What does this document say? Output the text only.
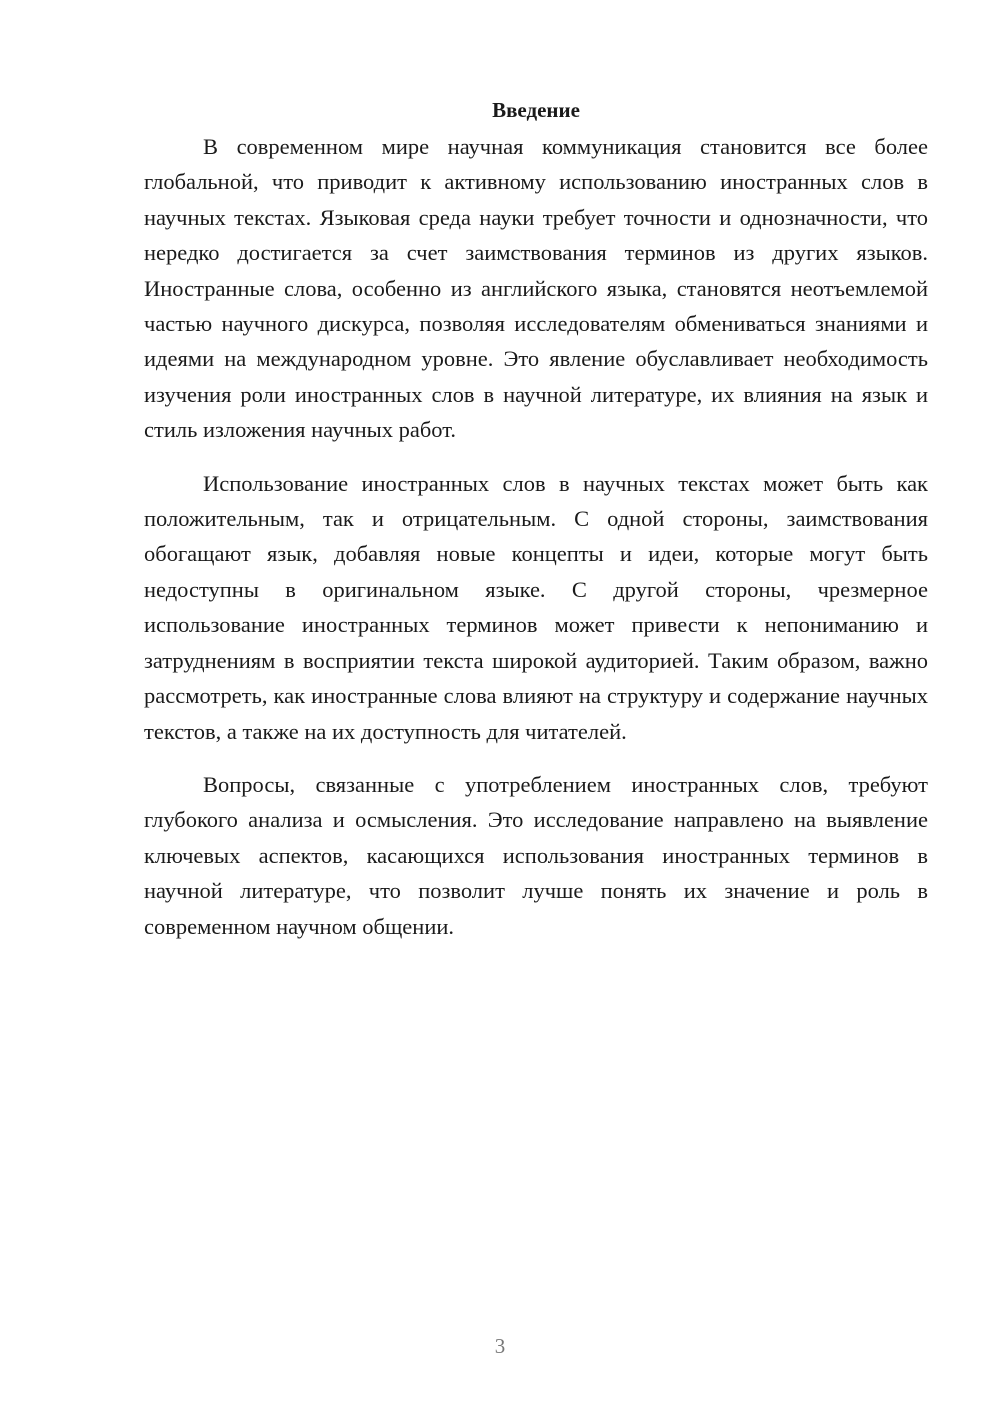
Введение

В современном мире научная коммуникация становится все более глобальной, что приводит к активному использованию иностранных слов в научных текстах. Языковая среда науки требует точности и однозначности, что нередко достигается за счет заимствования терминов из других языков. Иностранные слова, особенно из английского языка, становятся неотъемлемой частью научного дискурса, позволяя исследователям обмениваться знаниями и идеями на международном уровне. Это явление обуславливает необходимость изучения роли иностранных слов в научной литературе, их влияния на язык и стиль изложения научных работ.

Использование иностранных слов в научных текстах может быть как положительным, так и отрицательным. С одной стороны, заимствования обогащают язык, добавляя новые концепты и идеи, которые могут быть недоступны в оригинальном языке. С другой стороны, чрезмерное использование иностранных терминов может привести к непониманию и затруднениям в восприятии текста широкой аудиторией. Таким образом, важно рассмотреть, как иностранные слова влияют на структуру и содержание научных текстов, а также на их доступность для читателей.

Вопросы, связанные с употреблением иностранных слов, требуют глубокого анализа и осмысления. Это исследование направлено на выявление ключевых аспектов, касающихся использования иностранных терминов в научной литературе, что позволит лучше понять их значение и роль в современном научном общении.

3
